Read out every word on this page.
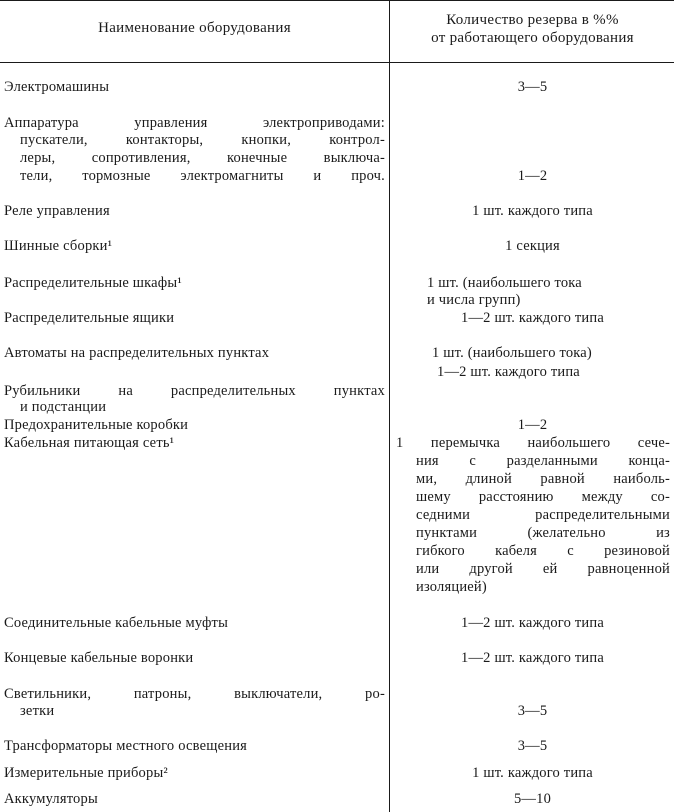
Наименование оборудования	Количество резерва в %%
от работающего оборудования
Электромашины
Аппаратура управления электроприводами:
пускатели, контакторы, кнопки, контрол-
леры, сопротивления, конечные выключа-
тели, тормозные электромагниты и проч.
Реле управления
Шинные сборки¹
Распределительные шкафы¹
Распределительные ящики
Автоматы на распределительных пунктах
Рубильники на распределительных пунктах
и подстанции
Предохранительные коробки
Кабельная питающая сеть¹
Соединительные кабельные муфты
Концевые кабельные воронки
Светильники, патроны, выключатели, ро-
зетки
Трансформаторы местного освещения
Измерительные приборы²
Аккумуляторы
3—5
1—2
1 шт. каждого типа
1 секция
1 шт. (наибольшего тока
и числа групп)
1—2 шт. каждого типа
1 шт. (наибольшего тока)
1—2 шт. каждого типа
1—2
1 перемычка наибольшего сече-
ния с разделанными конца-
ми, длиной равной наиболь-
шему расстоянию между со-
седними распределительными
пунктами (желательно из
гибкого кабеля с резиновой
или другой ей равноценной
изоляцией)
1—2 шт. каждого типа
1—2 шт. каждого типа
3—5
3—5
1 шт. каждого типа
5—10
